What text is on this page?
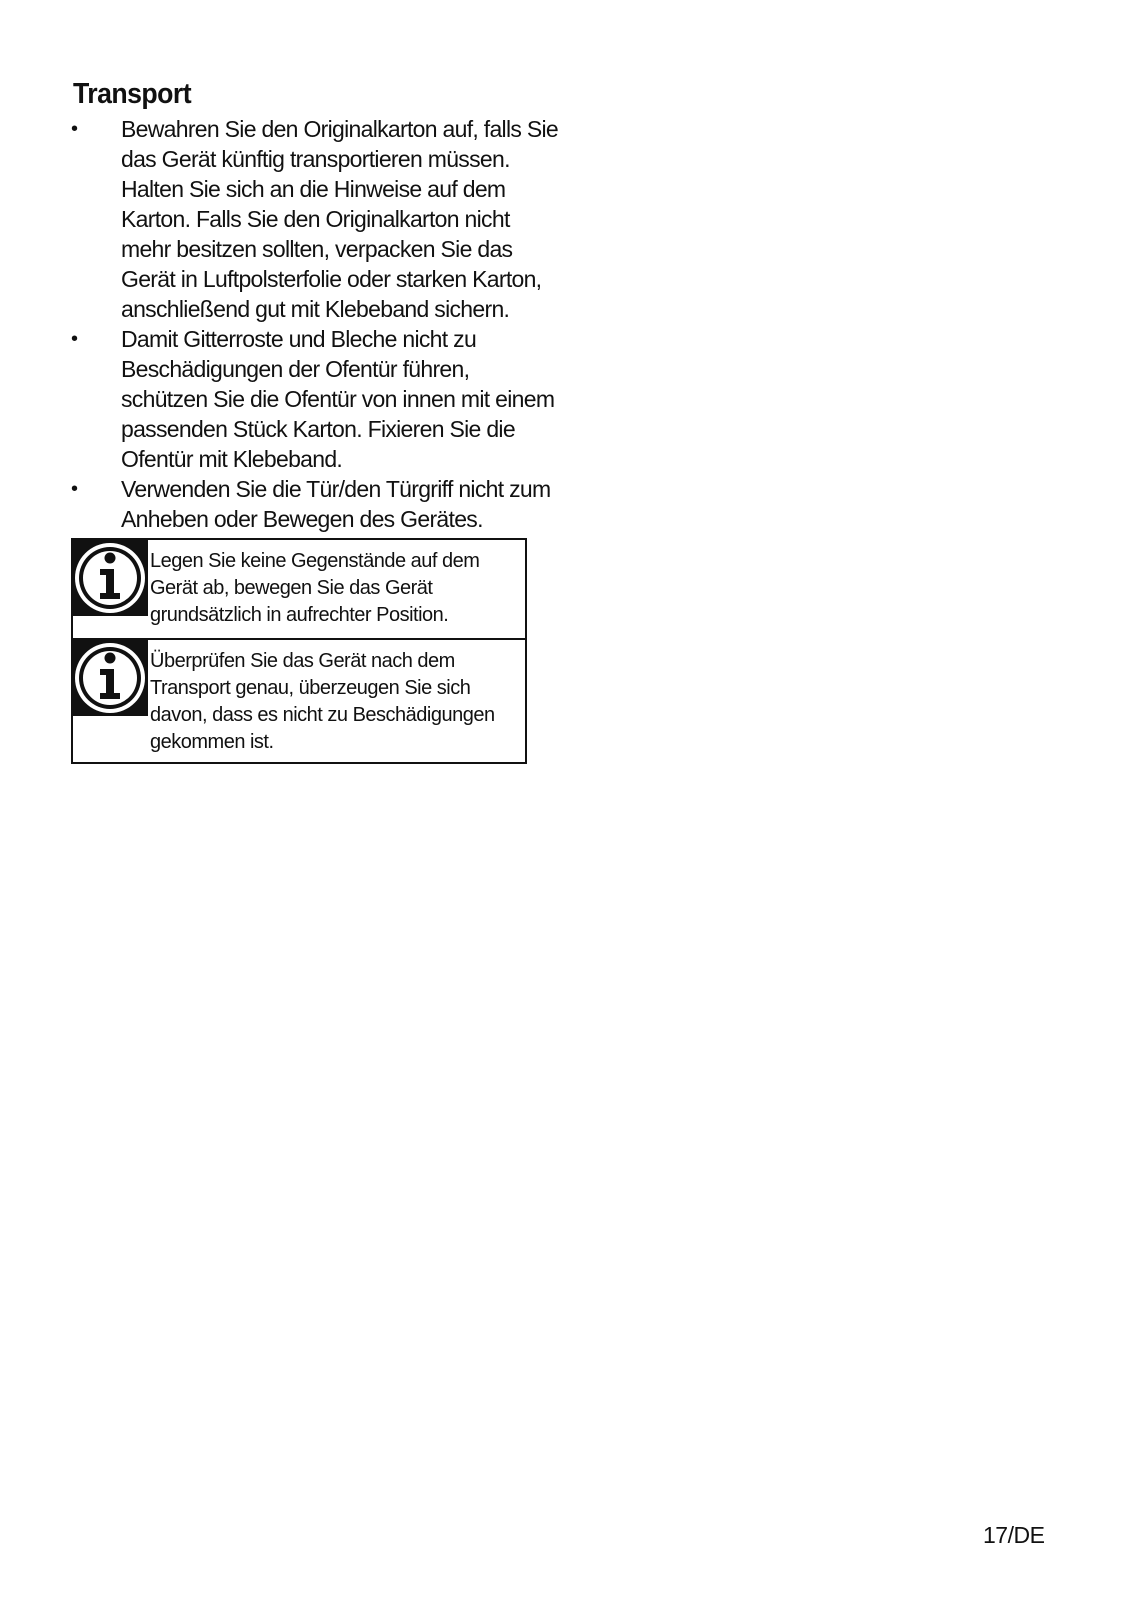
Transport
•	Bewahren Sie den Originalkarton auf, falls Sie das Gerät künftig transportieren müssen. Halten Sie sich an die Hinweise auf dem Karton. Falls Sie den Originalkarton nicht mehr besitzen sollten, verpacken Sie das Gerät in Luftpolsterfolie oder starken Karton, anschließend gut mit Klebeband sichern.
•	Damit Gitterroste und Bleche nicht zu Beschädigungen der Ofentür führen, schützen Sie die Ofentür von innen mit einem passenden Stück Karton. Fixieren Sie die Ofentür mit Klebeband.
•	Verwenden Sie die Tür/den Türgriff nicht zum Anheben oder Bewegen des Gerätes.
Legen Sie keine Gegenstände auf dem Gerät ab, bewegen Sie das Gerät grundsätzlich in aufrechter Position.
Überprüfen Sie das Gerät nach dem Transport genau, überzeugen Sie sich davon, dass es nicht zu Beschädigungen gekommen ist.
17/DE
